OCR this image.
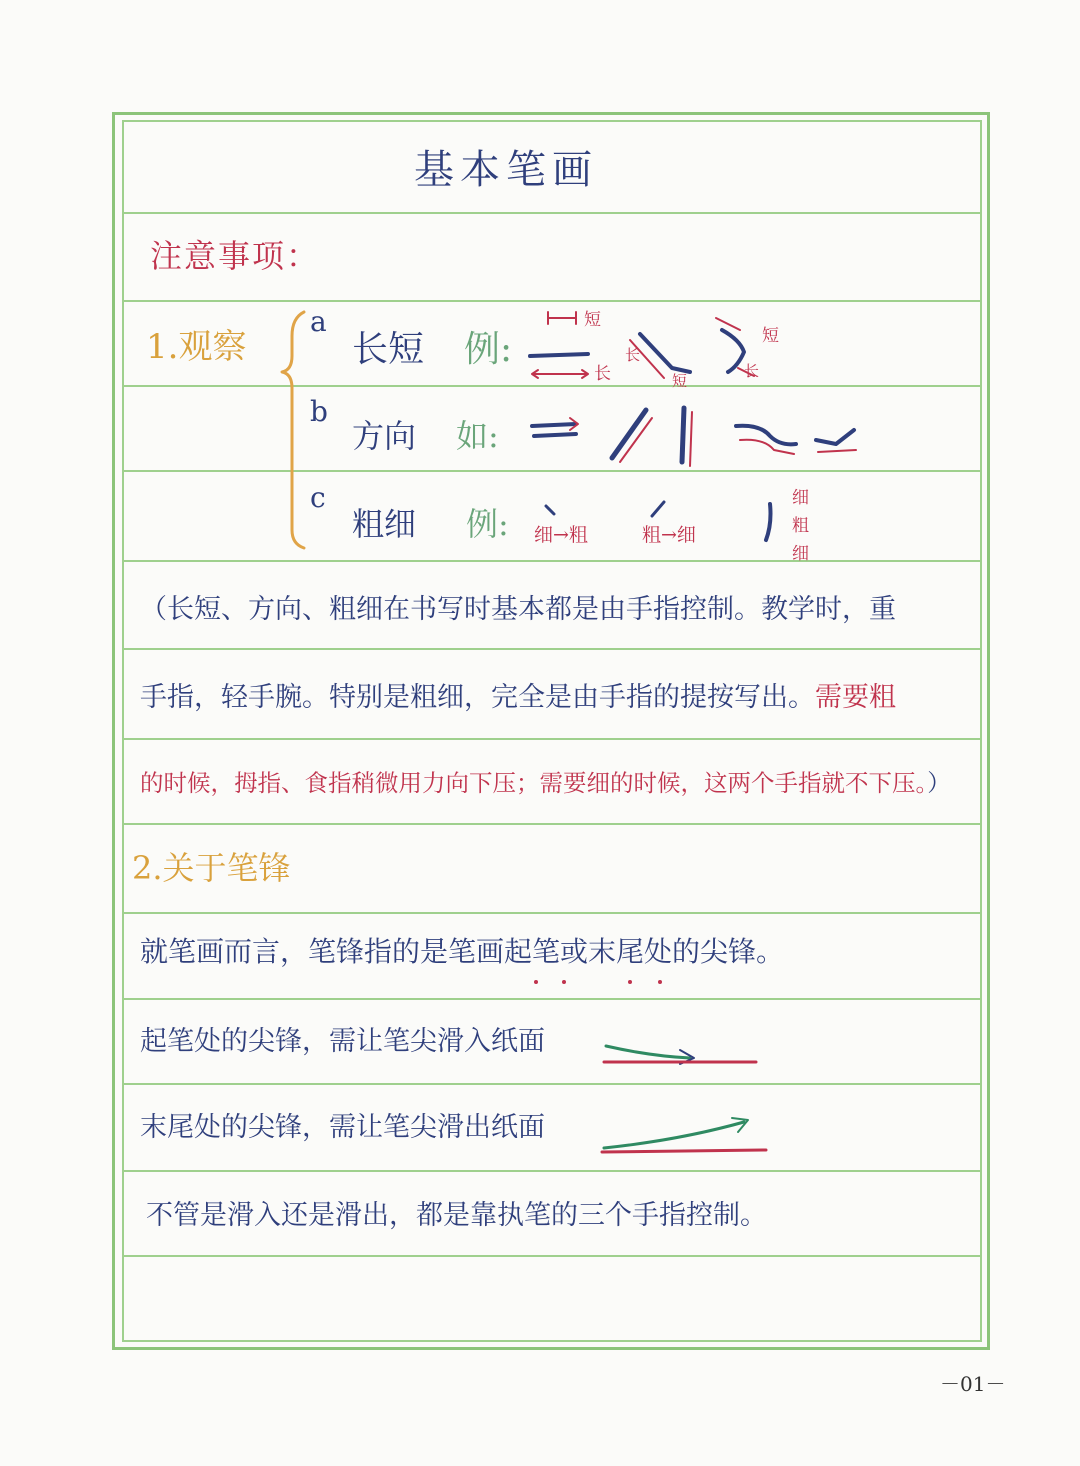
基本笔画
注意事项：
1.观察
a
b
c
长短 例:
方向 如:
粗细 例:
短
长
长
短
短
长
细→粗	粗→细
细
粗
细
（长短、方向、粗细在书写时基本都是由手指控制。教学时，重
手指，轻手腕。特别是粗细，完全是由手指的提按写出。需要粗
的时候，拇指、食指稍微用力向下压；需要细的时候，这两个手指就不下压。）
2.关于笔锋
就笔画而言，笔锋指的是笔画起笔或末尾处的尖锋。
起笔处的尖锋，需让笔尖滑入纸面
末尾处的尖锋，需让笔尖滑出纸面
不管是滑入还是滑出，都是靠执笔的三个手指控制。
－01－
